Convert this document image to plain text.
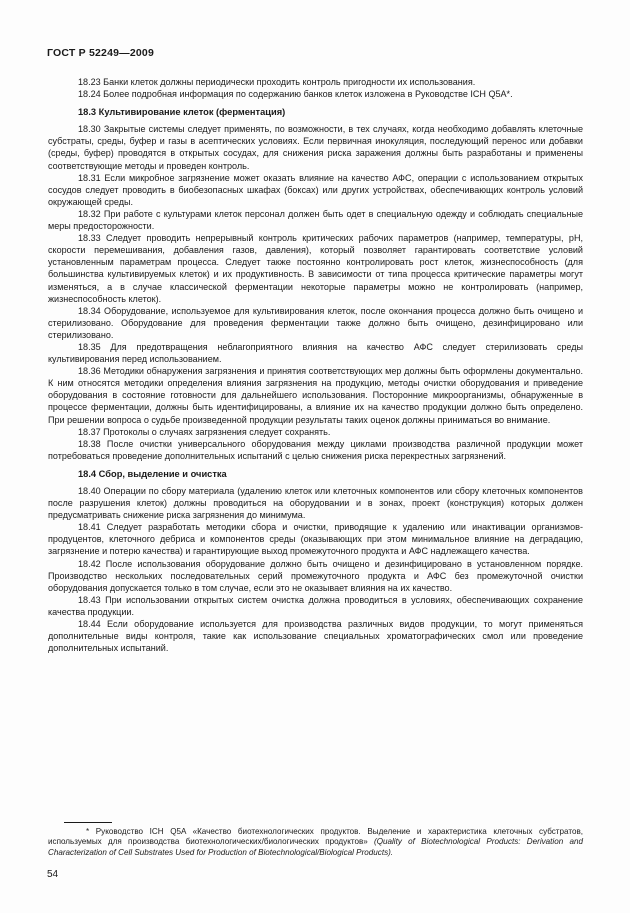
ГОСТ Р 52249—2009

18.23 Банки клеток должны периодически проходить контроль пригодности их использования.

18.24 Более подробная информация по содержанию банков клеток изложена в Руководстве ICH Q5A*.

18.3 Культивирование клеток (ферментация)

18.30 Закрытые системы следует применять, по возможности, в тех случаях, когда необходимо добавлять клеточные субстраты, среды, буфер и газы в асептических условиях. Если первичная инокуляция, последующий перенос или добавки (среды, буфер) проводятся в открытых сосудах, для снижения риска заражения должны быть разработаны и применены соответствующие методы и проведен контроль.

18.31 Если микробное загрязнение может оказать влияние на качество АФС, операции с использованием открытых сосудов следует проводить в биобезопасных шкафах (боксах) или других устройствах, обеспечивающих контроль условий окружающей среды.

18.32 При работе с культурами клеток персонал должен быть одет в специальную одежду и соблюдать специальные меры предосторожности.

18.33 Следует проводить непрерывный контроль критических рабочих параметров (например, температуры, pH, скорости перемешивания, добавления газов, давления), который позволяет гарантировать соответствие условий установленным параметрам процесса. Следует также постоянно контролировать рост клеток, жизнеспособность (для большинства культивируемых клеток) и их продуктивность. В зависимости от типа процесса критические параметры могут изменяться, а в случае классической ферментации некоторые параметры можно не контролировать (например, жизнеспособность клеток).

18.34 Оборудование, используемое для культивирования клеток, после окончания процесса должно быть очищено и стерилизовано. Оборудование для проведения ферментации также должно быть очищено, дезинфицировано или стерилизовано.

18.35 Для предотвращения неблагоприятного влияния на качество АФС следует стерилизовать среды культивирования перед использованием.

18.36 Методики обнаружения загрязнения и принятия соответствующих мер должны быть оформлены документально. К ним относятся методики определения влияния загрязнения на продукцию, методы очистки оборудования и приведение оборудования в состояние готовности для дальнейшего использования. Посторонние микроорганизмы, обнаруженные в процессе ферментации, должны быть идентифицированы, а влияние их на качество продукции должно быть определено. При решении вопроса о судьбе произведенной продукции результаты таких оценок должны приниматься во внимание.

18.37 Протоколы о случаях загрязнения следует сохранять.

18.38 После очистки универсального оборудования между циклами производства различной продукции может потребоваться проведение дополнительных испытаний с целью снижения риска перекрестных загрязнений.

18.4 Сбор, выделение и очистка

18.40 Операции по сбору материала (удалению клеток или клеточных компонентов или сбору клеточных компонентов после разрушения клеток) должны проводиться на оборудовании и в зонах, проект (конструкция) которых должен предусматривать снижение риска загрязнения до минимума.

18.41 Следует разработать методики сбора и очистки, приводящие к удалению или инактивации организмов-продуцентов, клеточного дебриса и компонентов среды (оказывающих при этом минимальное влияние на деградацию, загрязнение и потерю качества) и гарантирующие выход промежуточного продукта и АФС надлежащего качества.

18.42 После использования оборудование должно быть очищено и дезинфицировано в установленном порядке. Производство нескольких последовательных серий промежуточного продукта и АФС без промежуточной очистки оборудования допускается только в том случае, если это не оказывает влияния на их качество.

18.43 При использовании открытых систем очистка должна проводиться в условиях, обеспечивающих сохранение качества продукции.

18.44 Если оборудование используется для производства различных видов продукции, то могут применяться дополнительные виды контроля, такие как использование специальных хроматографических смол или проведение дополнительных испытаний.

* Руководство ICH Q5A «Качество биотехнологических продуктов. Выделение и характеристика клеточных субстратов, используемых для производства биотехнологических/биологических продуктов» (Quality of Biotechnological Products: Derivation and Characterization of Cell Substrates Used for Production of Biotechnological/Biological Products).
54
